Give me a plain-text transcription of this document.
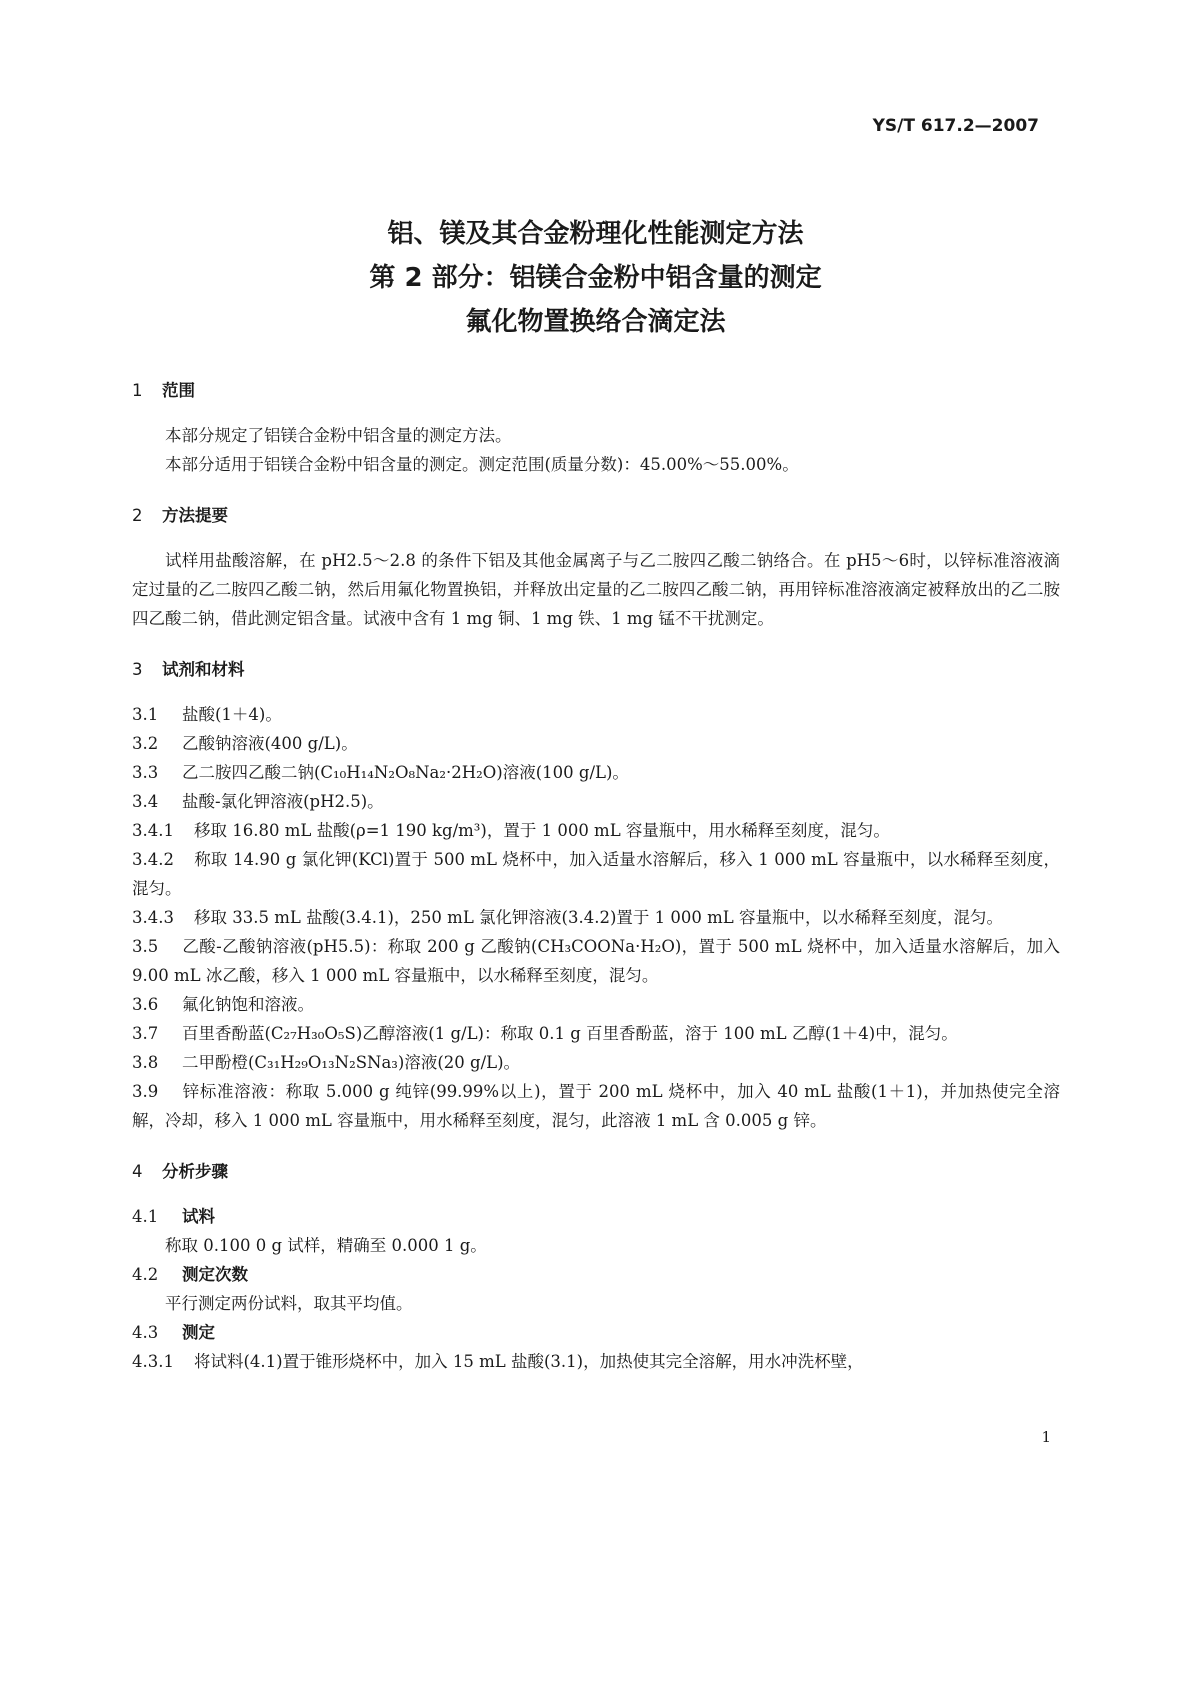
YS/T 617.2—2007
铝、镁及其合金粉理化性能测定方法
第 2 部分：铝镁合金粉中铝含量的测定
氟化物置换络合滴定法

1 范围

本部分规定了铝镁合金粉中铝含量的测定方法。

本部分适用于铝镁合金粉中铝含量的测定。测定范围(质量分数)：45.00%～55.00%。

2 方法提要

试样用盐酸溶解，在 pH2.5～2.8 的条件下铝及其他金属离子与乙二胺四乙酸二钠络合。在 pH5～6时，以锌标准溶液滴定过量的乙二胺四乙酸二钠，然后用氟化物置换铝，并释放出定量的乙二胺四乙酸二钠，再用锌标准溶液滴定被释放出的乙二胺四乙酸二钠，借此测定铝含量。试液中含有 1 mg 铜、1 mg 铁、1 mg 锰不干扰测定。

3 试剂和材料

3.1 盐酸(1＋4)。

3.2 乙酸钠溶液(400 g/L)。

3.3 乙二胺四乙酸二钠(C₁₀H₁₄N₂O₈Na₂·2H₂O)溶液(100 g/L)。

3.4 盐酸-氯化钾溶液(pH2.5)。

3.4.1 移取 16.80 mL 盐酸(ρ=1 190 kg/m³)，置于 1 000 mL 容量瓶中，用水稀释至刻度，混匀。

3.4.2 称取 14.90 g 氯化钾(KCl)置于 500 mL 烧杯中，加入适量水溶解后，移入 1 000 mL 容量瓶中，以水稀释至刻度，混匀。

3.4.3 移取 33.5 mL 盐酸(3.4.1)，250 mL 氯化钾溶液(3.4.2)置于 1 000 mL 容量瓶中，以水稀释至刻度，混匀。

3.5 乙酸-乙酸钠溶液(pH5.5)：称取 200 g 乙酸钠(CH₃COONa·H₂O)，置于 500 mL 烧杯中，加入适量水溶解后，加入 9.00 mL 冰乙酸，移入 1 000 mL 容量瓶中，以水稀释至刻度，混匀。

3.6 氟化钠饱和溶液。

3.7 百里香酚蓝(C₂₇H₃₀O₅S)乙醇溶液(1 g/L)：称取 0.1 g 百里香酚蓝，溶于 100 mL 乙醇(1＋4)中，混匀。

3.8 二甲酚橙(C₃₁H₂₉O₁₃N₂SNa₃)溶液(20 g/L)。

3.9 锌标准溶液：称取 5.000 g 纯锌(99.99%以上)，置于 200 mL 烧杯中，加入 40 mL 盐酸(1＋1)，并加热使完全溶解，冷却，移入 1 000 mL 容量瓶中，用水稀释至刻度，混匀，此溶液 1 mL 含 0.005 g 锌。

4 分析步骤

4.1 试料

称取 0.100 0 g 试样，精确至 0.000 1 g。

4.2 测定次数

平行测定两份试料，取其平均值。

4.3 测定

4.3.1 将试料(4.1)置于锥形烧杯中，加入 15 mL 盐酸(3.1)，加热使其完全溶解，用水冲洗杯壁，

1
